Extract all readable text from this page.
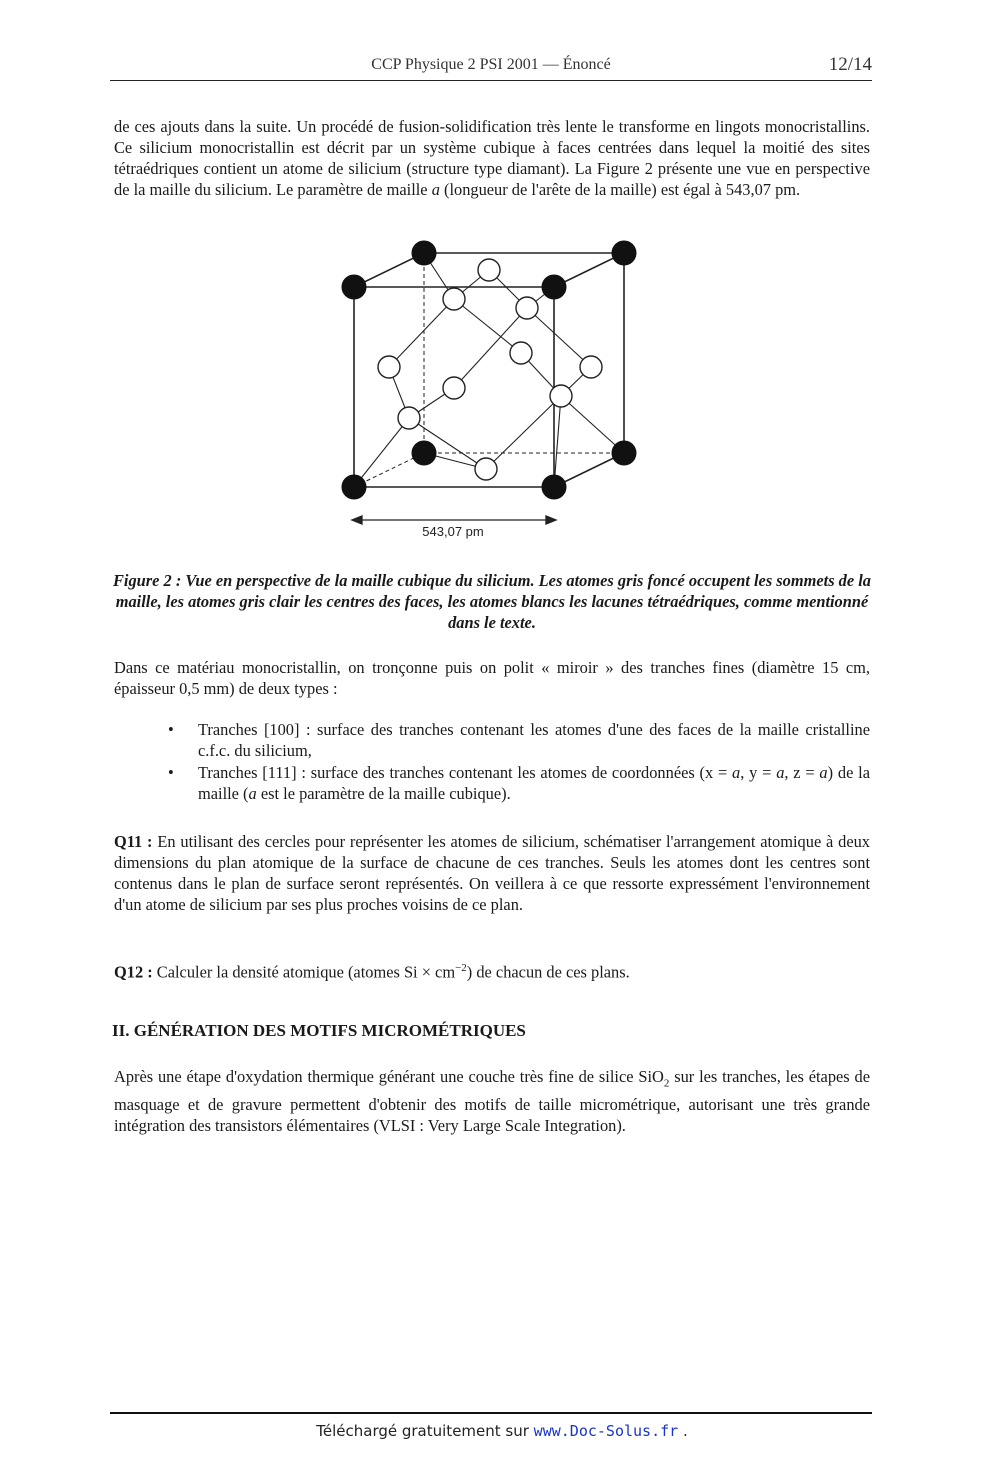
CCP Physique 2 PSI 2001 — Énoncé	12/14
de ces ajouts dans la suite. Un procédé de fusion-solidification très lente le transforme en lingots monocristallins. Ce silicium monocristallin est décrit par un système cubique à faces centrées dans lequel la moitié des sites tétraédriques contient un atome de silicium (structure type diamant). La Figure 2 présente une vue en perspective de la maille du silicium. Le paramètre de maille a (longueur de l'arête de la maille) est égal à 543,07 pm.
543,07 pm
Figure 2 : Vue en perspective de la maille cubique du silicium. Les atomes gris foncé occupent les sommets de la maille, les atomes gris clair les centres des faces, les atomes blancs les lacunes tétraédriques, comme mentionné dans le texte.
Dans ce matériau monocristallin, on tronçonne puis on polit « miroir » des tranches fines (diamètre 15 cm, épaisseur 0,5 mm) de deux types :
• Tranches [100] : surface des tranches contenant les atomes d'une des faces de la maille cristalline c.f.c. du silicium,
• Tranches [111] : surface des tranches contenant les atomes de coordonnées (x = a, y = a, z = a) de la maille (a est le paramètre de la maille cubique).
Q11 : En utilisant des cercles pour représenter les atomes de silicium, schématiser l'arrangement atomique à deux dimensions du plan atomique de la surface de chacune de ces tranches. Seuls les atomes dont les centres sont contenus dans le plan de surface seront représentés. On veillera à ce que ressorte expressément l'environnement d'un atome de silicium par ses plus proches voisins de ce plan.
Q12 : Calculer la densité atomique (atomes $Si \times cm^{-2}$) de chacun de ces plans.
II. GÉNÉRATION DES MOTIFS MICROMÉTRIQUES
Après une étape d'oxydation thermique générant une couche très fine de silice SiO$_2$ sur les tranches, les étapes de masquage et de gravure permettent d'obtenir des motifs de taille micrométrique, autorisant une très grande intégration des transistors élémentaires (VLSI : Very Large Scale Integration).
Téléchargé gratuitement sur www.Doc-Solus.fr .
